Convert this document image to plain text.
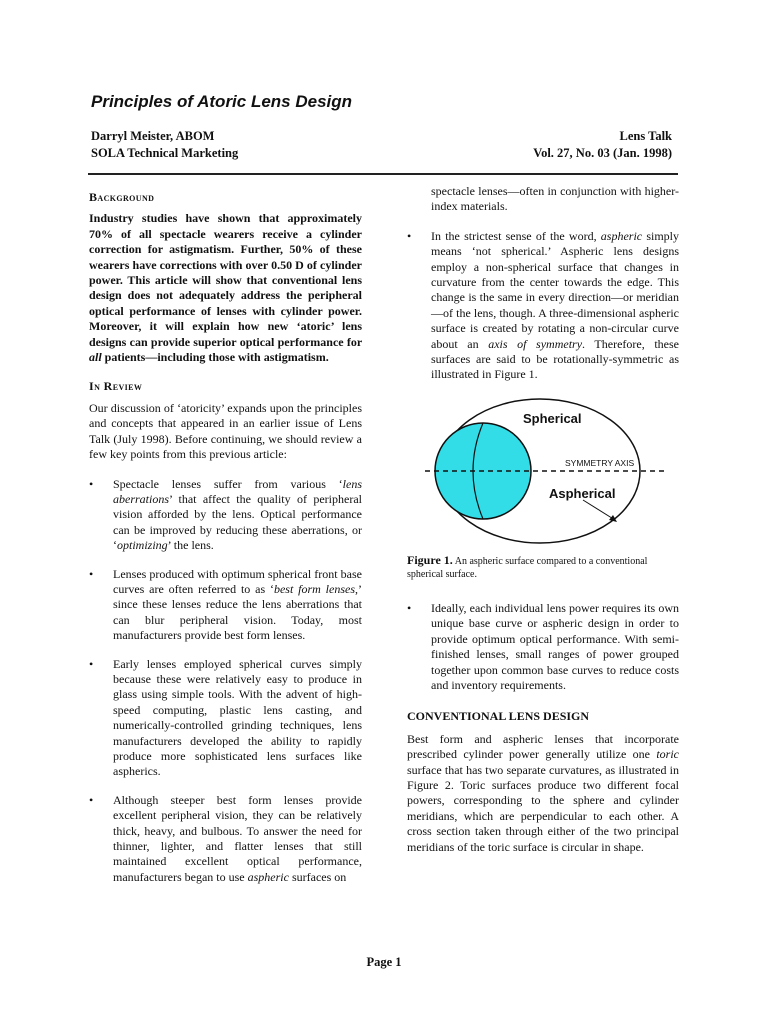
Principles of Atoric Lens Design
Darryl Meister, ABOM
SOLA Technical Marketing
Lens Talk
Vol. 27, No. 03 (Jan. 1998)
Background

Industry studies have shown that approximately 70% of all spectacle wearers receive a cylinder correction for astigmatism. Further, 50% of these wearers have corrections with over 0.50 D of cylinder power. This article will show that conventional lens design does not adequately address the peripheral optical performance of lenses with cylinder power. Moreover, it will explain how new ‘atoric’ lens designs can provide superior optical performance for all patients—including those with astigmatism.

In Review

Our discussion of ‘atoricity’ expands upon the principles and concepts that appeared in an earlier issue of Lens Talk (July 1998). Before continuing, we should review a few key points from this previous article:

• Spectacle lenses suffer from various ‘lens aberrations’ that affect the quality of peripheral vision afforded by the lens. Optical performance can be improved by reducing these aberrations, or ‘optimizing’ the lens.
• Lenses produced with optimum spherical front base curves are often referred to as ‘best form lenses,’ since these lenses reduce the lens aberrations that can blur peripheral vision. Today, most manufacturers provide best form lenses.
• Early lenses employed spherical curves simply because these were relatively easy to produce in glass using simple tools. With the advent of high-speed computing, plastic lens casting, and numerically-controlled grinding techniques, lens manufacturers developed the ability to rapidly produce more sophisticated lens surfaces like aspherics.
• Although steeper best form lenses provide excellent peripheral vision, they can be relatively thick, heavy, and bulbous. To answer the need for thinner, lighter, and flatter lenses that still maintained excellent optical performance, manufacturers began to use aspheric surfaces on

spectacle lenses—often in conjunction with higher-index materials.

• In the strictest sense of the word, aspheric simply means ‘not spherical.’ Aspheric lens designs employ a non-spherical surface that changes in curvature from the center towards the edge. This change is the same in every direction—or meridian—of the lens, though. A three-dimensional aspheric surface is created by rotating a non-circular curve about an axis of symmetry. Therefore, these surfaces are said to be rotationally-symmetric as illustrated in Figure 1.
Spherical
SYMMETRY AXIS
Aspherical
Figure 1. An aspheric surface compared to a conventional spherical surface.
• Ideally, each individual lens power requires its own unique base curve or aspheric design in order to provide optimum optical performance. With semi-finished lenses, small ranges of power grouped together upon common base curves to reduce costs and inventory requirements.
CONVENTIONAL LENS DESIGN

Best form and aspheric lenses that incorporate prescribed cylinder power generally utilize one toric surface that has two separate curvatures, as illustrated in Figure 2. Toric surfaces produce two different focal powers, corresponding to the sphere and cylinder meridians, which are perpendicular to each other. A cross section taken through either of the two principal meridians of the toric surface is circular in shape.

Page 1
